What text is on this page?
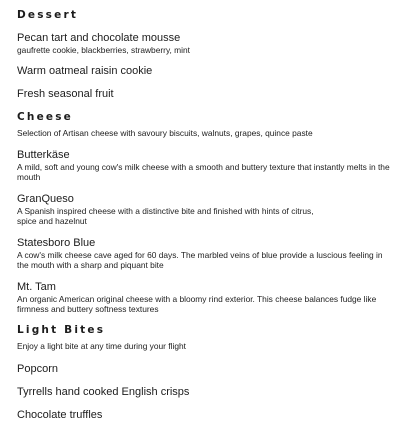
Dessert
Pecan tart and chocolate mousse
gaufrette cookie, blackberries, strawberry, mint
Warm oatmeal raisin cookie
Fresh seasonal fruit
Cheese

Selection of Artisan cheese with savoury biscuits, walnuts, grapes, quince paste

Butterkäse
A mild, soft and young cow's milk cheese with a smooth and buttery texture that instantly melts in the mouth
GranQueso
A Spanish inspired cheese with a distinctive bite and finished with hints of citrus,
spice and hazelnut
Statesboro Blue
A cow's milk cheese cave aged for 60 days. The marbled veins of blue provide a luscious feeling in the mouth with a sharp and piquant bite
Mt. Tam
An organic American original cheese with a bloomy rind exterior. This cheese balances fudge like firmness and buttery softness textures
Light Bites

Enjoy a light bite at any time during your flight

Popcorn
Tyrrells hand cooked English crisps
Chocolate truffles
